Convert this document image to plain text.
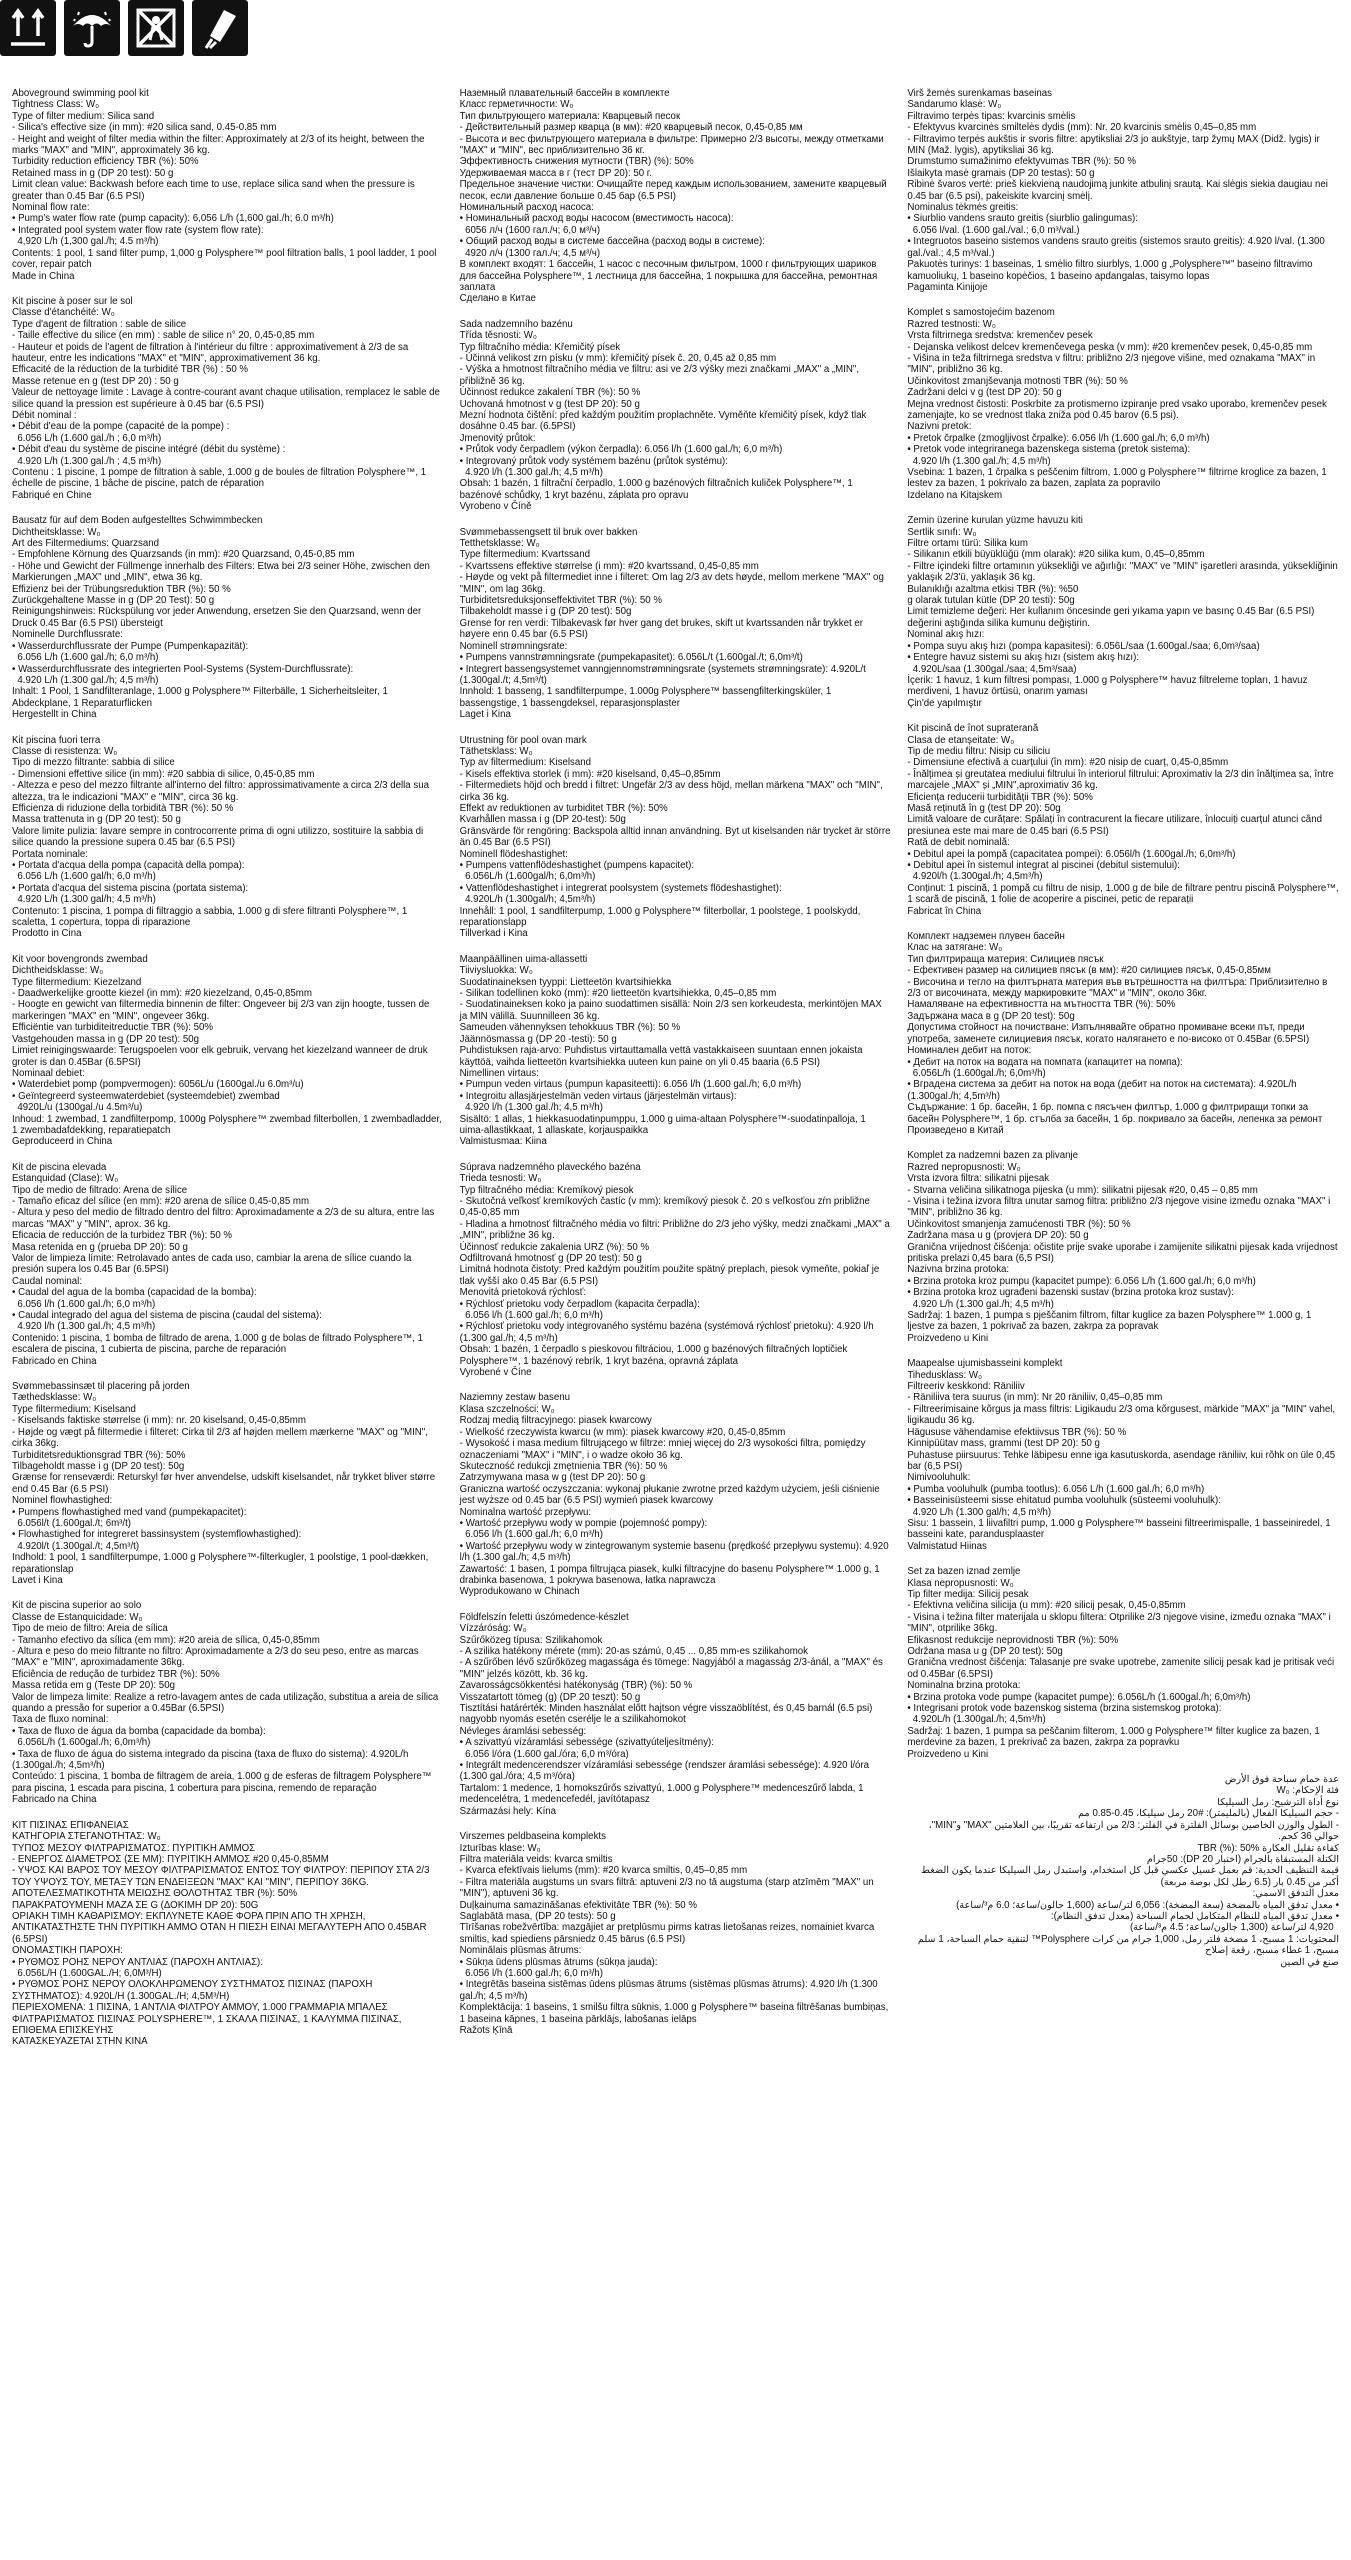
Aboveground swimming pool kit
Tightness Class: W₀
Type of filter medium: Silica sand
- Silica's effective size (in mm): #20 silica sand, 0.45-0.85 mm
- Height and weight of filter media within the filter: Approximately at 2/3 of its height, between the marks "MAX" and "MIN", approximately 36 kg.
Turbidity reduction efficiency TBR (%): 50%
Retained mass in g (DP 20 test): 50 g
Limit clean value: Backwash before each time to use, replace silica sand when the pressure is greater than 0.45 Bar (6.5 PSI)
Nominal flow rate:
• Pump's water flow rate (pump capacity): 6,056 L/h (1,600 gal./h; 6.0 m³/h)
• Integrated pool system water flow rate (system flow rate):
4,920 L/h (1,300 gal./h; 4.5 m³/h)
Contents: 1 pool, 1 sand filter pump, 1,000 g Polysphere™ pool filtration balls, 1 pool ladder, 1 pool cover, repair patch
Made in China
Kit piscine à poser sur le sol
Classe d'étanchéité: W₀
Type d'agent de filtration : sable de silice
- Taille effective du silice (en mm) : sable de silice n° 20, 0,45-0,85 mm
- Hauteur et poids de l'agent de filtration à l'intérieur du filtre : approximativement à 2/3 de sa hauteur, entre les indications "MAX" et "MIN", approximativement 36 kg.
Efficacité de la réduction de la turbidité TBR (%) : 50 %
Masse retenue en g (test DP 20) : 50 g
Valeur de nettoyage limite : Lavage à contre-courant avant chaque utilisation, remplacez le sable de silice quand la pression est supérieure à 0.45 bar (6.5 PSI)
Débit nominal :
• Débit d'eau de la pompe (capacité de la pompe) :
6.056 L/h (1.600 gal./h ; 6,0 m³/h)
• Débit d'eau du système de piscine intégré (débit du système) :
4.920 L/h (1.300 gal./h ; 4,5 m³/h)
Contenu : 1 piscine, 1 pompe de filtration à sable, 1.000 g de boules de filtration Polysphere™, 1 échelle de piscine, 1 bâche de piscine, patch de réparation
Fabriqué en Chine
Bausatz für auf dem Boden aufgestelltes Schwimmbecken
Dichtheitsklasse: W₀
Art des Filtermediums: Quarzsand
- Empfohlene Körnung des Quarzsands (in mm): #20 Quarzsand, 0,45-0,85 mm
- Höhe und Gewicht der Füllmenge innerhalb des Filters: Etwa bei 2/3 seiner Höhe, zwischen den Markierungen „MAX" und „MIN", etwa 36 kg.
Effizienz bei der Trübungsreduktion TBR (%): 50 %
Zurückgehaltene Masse in g (DP 20 Test): 50 g
Reinigungshinweis: Rückspülung vor jeder Anwendung, ersetzen Sie den Quarzsand, wenn der Druck 0.45 Bar (6.5 PSI) übersteigt
Nominelle Durchflussrate:
• Wasserdurchflussrate der Pumpe (Pumpenkapazität):
6.056 L/h (1.600 gal./h; 6,0 m³/h)
• Wasserdurchflussrate des integrierten Pool-Systems (System-Durchflussrate):
4.920 L/h (1.300 gal./h; 4,5 m³/h)
Inhalt: 1 Pool, 1 Sandfilteranlage, 1.000 g Polysphere™ Filterbälle, 1 Sicherheitsleiter, 1 Abdeckplane, 1 Reparaturflicken
Hergestellt in China
Kit piscina fuori terra
Classe di resistenza: W₀
Tipo di mezzo filtrante: sabbia di silice
- Dimensioni effettive silice (in mm): #20 sabbia di silice, 0,45-0,85 mm
- Altezza e peso del mezzo filtrante all'interno del filtro: approssimativamente a circa 2/3 della sua altezza, tra le indicazioni "MAX" e "MIN", circa 36 kg.
Efficienza di riduzione della torbidità TBR (%): 50 %
Massa trattenuta in g (DP 20 test): 50 g
Valore limite pulizia: lavare sempre in controcorrente prima di ogni utilizzo, sostituire la sabbia di silice quando la pressione supera 0.45 bar (6.5 PSI)
Portata nominale:
• Portata d'acqua della pompa (capacità della pompa):
6.056 L/h (1.600 gal/h; 6,0 m³/h)
• Portata d'acqua del sistema piscina (portata sistema):
4.920 L/h (1.300 gal/h; 4,5 m³/h)
Contenuto: 1 piscina, 1 pompa di filtraggio a sabbia, 1.000 g di sfere filtranti Polysphere™, 1 scaletta, 1 copertura, toppa di riparazione
Prodotto in Cina
Kit voor bovengronds zwembad
Dichtheidsklasse: W₀
Type filtermedium: Kiezelzand
- Daadwerkelijke grootte kiezel (in mm): #20 kiezelzand, 0,45-0,85mm
- Hoogte en gewicht van filtermedia binnenin de filter: Ongeveer bij 2/3 van zijn hoogte, tussen de markeringen "MAX" en "MIN", ongeveer 36kg.
Efficiëntie van turbiditeitreductie TBR (%): 50%
Vastgehouden massa in g (DP 20 test): 50g
Limiet reinigingswaarde: Terugspoelen voor elk gebruik, vervang het kiezelzand wanneer de druk groter is dan 0.45Bar (6.5PSI)
Nominaal debiet:
• Waterdebiet pomp (pompvermogen): 6056L/u (1600gal./u 6.0m³/u)
• Geïntegreerd systeemwaterdebiet (systeemdebiet) zwembad
4920L/u (1300gal./u 4.5m³/u)
Inhoud: 1 zwembad, 1 zandfilterpomp, 1000g Polysphere™ zwembad filterbollen, 1 zwembadladder, 1 zwembadafdekking, reparatiepatch
Geproduceerd in China
Kit de piscina elevada
Estanquidad (Clase): W₀
Tipo de medio de filtrado: Arena de sílice
- Tamaño eficaz del sílice (en mm): #20 arena de sílice 0,45-0,85 mm
- Altura y peso del medio de filtrado dentro del filtro: Aproximadamente a 2/3 de su altura, entre las marcas "MAX" y "MIN", aprox. 36 kg.
Eficacia de reducción de la turbidez TBR (%): 50 %
Masa retenida en g (prueba DP 20): 50 g
Valor de limpieza límite: Retrolavado antes de cada uso, cambiar la arena de sílice cuando la presión supera los 0.45 Bar (6.5PSI)
Caudal nominal:
• Caudal del agua de la bomba (capacidad de la bomba):
6.056 l/h (1.600 gal./h; 6,0 m³/h)
• Caudal integrado del agua del sistema de piscina (caudal del sistema):
4.920 l/h (1.300 gal./h; 4,5 m³/h)
Contenido: 1 piscina, 1 bomba de filtrado de arena, 1.000 g de bolas de filtrado Polysphere™, 1 escalera de piscina, 1 cubierta de piscina, parche de reparación
Fabricado en China
Svømmebassinsæt til placering på jorden
Tæthedsklasse: W₀
Type filtermedium: Kiselsand
- Kiselsands faktiske størrelse (i mm): nr. 20 kiselsand, 0,45-0,85mm
- Højde og vægt på filtermedie i filteret: Cirka til 2/3 af højden mellem mærkerne "MAX" og "MIN", cirka 36kg.
Turbiditetsreduktionsgrad TBR (%): 50%
Tilbageholdt masse i g (DP 20 test): 50g
Grænse for renseværdi: Returskyl før hver anvendelse, udskift kiselsandet, når trykket bliver større end 0.45 Bar (6.5 PSI)
Nominel flowhastighed:
• Pumpens flowhastighed med vand (pumpekapacitet):
6.056l/t (1.600gal./t; 6m³/t)
• Flowhastighed for integreret bassinsystem (systemflowhastighed):
4.920l/t (1.300gal./t; 4,5m³/t)
Indhold: 1 pool, 1 sandfilterpumpe, 1.000 g Polysphere™-filterkugler, 1 poolstige, 1 pool-dækken, reparationslap
Lavet i Kina
Kit de piscina superior ao solo
Classe de Estanquicidade: W₀
Tipo de meio de filtro: Areia de sílica
- Tamanho efectivo da sílica (em mm): #20 areia de sílica, 0,45-0,85mm
- Altura e peso do meio filtrante no filtro: Aproximadamente a 2/3 do seu peso, entre as marcas "MAX" e "MIN", aproximadamente 36kg.
Eficiência de redução de turbidez TBR (%): 50%
Massa retida em g (Teste DP 20): 50g
Valor de limpeza limite: Realize a retro-lavagem antes de cada utilização, substitua a areia de sílica quando a pressão for superior a 0.45Bar (6.5PSI)
Taxa de fluxo nominal:
• Taxa de fluxo de água da bomba (capacidade da bomba):
6.056L/h (1.600gal./h; 6,0m³/h)
• Taxa de fluxo de água do sistema integrado da piscina (taxa de fluxo do sistema): 4.920L/h (1.300gal./h; 4,5m³/h)
Conteúdo: 1 piscina, 1 bomba de filtragem de areia, 1.000 g de esferas de filtragem Polysphere™ para piscina, 1 escada para piscina, 1 cobertura para piscina, remendo de reparação
Fabricado na China
ΚΙΤ ΠΙΣΙΝΑΣ ΕΠΙΦΑΝΕΙΑΣ
ΚΑΤΗΓΟΡΙΑ ΣΤΕΓΑΝΟΤΗΤΑΣ: W₀
ΤΥΠΟΣ ΜΕΣΟΥ ΦΙΛΤΡΑΡΙΣΜΑΤΟΣ: ΠΥΡΙΤΙΚΗ ΑΜΜΟΣ
- ΕΝΕΡΓΟΣ ΔΙΑΜΕΤΡΟΣ (ΣΕ MM): ΠΥΡΙΤΙΚΗ ΑΜΜΟΣ #20 0,45-0,85MM
- ΥΨΟΣ ΚΑΙ ΒΑΡΟΣ ΤΟΥ ΜΕΣΟΥ ΦΙΛΤΡΑΡΙΣΜΑΤΟΣ ΕΝΤΟΣ ΤΟΥ ΦΙΛΤΡΟΥ: ΠΕΡΙΠΟΥ ΣΤΑ 2/3 ΤΟΥ ΥΨΟΥΣ ΤΟΥ, ΜΕΤΑΞΥ ΤΩΝ ΕΝΔΕΙΞΕΩΝ "MAX" ΚΑΙ "MIN", ΠΕΡΙΠΟΥ 36KG.
ΑΠΟΤΕΛΕΣΜΑΤΙΚΟΤΗΤΑ ΜΕΙΩΣΗΣ ΘΟΛΟΤΗΤΑΣ TBR (%): 50%
ΠΑΡΑΚΡΑΤΟΥΜΕΝΗ ΜΑΖΑ ΣΕ G (ΔΟΚΙΜΗ DP 20): 50G
ΟΡΙΑΚΗ ΤΙΜΗ ΚΑΘΑΡΙΣΜΟΥ: ΕΚΠΛΥΝΕΤΕ ΚΑΘΕ ΦΟΡΑ ΠΡΙΝ ΑΠΟ ΤΗ ΧΡΗΣΗ, ΑΝΤΙΚΑΤΑΣΤΗΣΤΕ ΤΗΝ ΠΥΡΙΤΙΚΗ ΑΜΜΟ ΟΤΑΝ Η ΠΙΕΣΗ ΕΙΝΑΙ ΜΕΓΑΛΥΤΕΡΗ ΑΠΟ 0.45BAR (6.5PSI)
ΟΝΟΜΑΣΤΙΚΗ ΠΑΡΟΧΗ:
• ΡΥΘΜΟΣ ΡΟΗΣ ΝΕΡΟΥ ΑΝΤΛΙΑΣ (ΠΑΡΟΧΗ ΑΝΤΛΙΑΣ):
6.056L/H (1.600GAL./H; 6,0M³/H)
• ΡΥΘΜΟΣ ΡΟΗΣ ΝΕΡΟΥ ΟΛΟΚΛΗΡΩΜΕΝΟΥ ΣΥΣΤΗΜΑΤΟΣ ΠΙΣΙΝΑΣ (ΠΑΡΟΧΗ ΣΥΣΤΗΜΑΤΟΣ): 4.920L/H (1.300GAL./H; 4,5M³/H)
ΠΕΡΙΕΧΟΜΕΝΑ: 1 ΠΙΣΙΝΑ, 1 ΑΝΤΛΙΑ ΦΙΛΤΡΟΥ ΑΜΜΟΥ, 1.000 ΓΡΑΜΜΑΡΙΑ ΜΠΑΛΕΣ ΦΙΛΤΡΑΡΙΣΜΑΤΟΣ ΠΙΣΙΝΑΣ POLYSPHERE™, 1 ΣΚΑΛΑ ΠΙΣΙΝΑΣ, 1 ΚΑΛΥΜΜΑ ΠΙΣΙΝΑΣ, ΕΠΙΘΕΜΑ ΕΠΙΣΚΕΥΗΣ
ΚΑΤΑΣΚΕΥΑΖΕΤΑΙ ΣΤΗΝ ΚΙΝΑ
Наземный плавательный бассейн в комплекте
Класс герметичности: W₀
Тип фильтрующего материала: Кварцевый песок
- Действительный размер кварца (в мм): #20 кварцевый песок, 0,45-0,85 мм
- Высота и вес фильтрующего материала в фильтре: Примерно 2/3 высоты, между отметками "MAX" и "MIN", вес приблизительно 36 кг.
Эффективность снижения мутности (TBR) (%): 50%
Удерживаемая масса в г (тест DP 20): 50 г.
Предельное значение чистки: Очищайте перед каждым использованием, замените кварцевый песок, если давление больше 0.45 бар (6.5 PSI)
Номинальный расход насоса:
• Номинальный расход воды насосом (вместимость насоса):
6056 л/ч (1600 гал./ч; 6,0 м³/ч)
• Общий расход воды в системе бассейна (расход воды в системе):
4920 л/ч (1300 гал./ч; 4,5 м³/ч)
В комплект входят: 1 бассейн, 1 насос с песочным фильтром, 1000 г фильтрующих шариков для бассейна Polysphere™, 1 лестница для бассейна, 1 покрышка для бассейна, ремонтная заплата
Сделано в Китае
Sada nadzemního bazénu
Třída těsnosti: W₀
Typ filtračního média: Křemičitý písek
- Účinná velikost zrn písku (v mm): křemičitý písek č. 20, 0,45 až 0,85 mm
- Výška a hmotnost filtračního média ve filtru: asi ve 2/3 výšky mezi značkami „MAX" a „MIN", přibližně 36 kg.
Účinnost redukce zakalení TBR (%): 50 %
Uchovaná hmotnost v g (test DP 20): 50 g
Mezní hodnota čištění: před každým použitím proplachněte. Vyměňte křemičitý písek, když tlak dosáhne 0.45 bar. (6.5PSI)
Jmenovitý průtok:
• Průtok vody čerpadlem (výkon čerpadla): 6.056 l/h (1.600 gal./h; 6,0 m³/h)
• Integrovaný průtok vody systémem bazénu (průtok systému):
4.920 l/h (1.300 gal./h; 4,5 m³/h)
Obsah: 1 bazén, 1 filtrační čerpadlo, 1.000 g bazénových filtračních kuliček Polysphere™, 1 bazénové schůdky, 1 kryt bazénu, záplata pro opravu
Vyrobeno v Číně
Svømmebassengsett til bruk over bakken
Tetthetsklasse: W₀
Type filtermedium: Kvartssand
- Kvartssens effektive størrelse (i mm): #20 kvartssand, 0,45-0,85 mm
- Høyde og vekt på filtermediet inne i filteret: Om lag 2/3 av dets høyde, mellom merkene "MAX" og "MIN", om lag 36kg.
Turbiditetsreduksjonseffektivitet TBR (%): 50 %
Tilbakeholdt masse i g (DP 20 test): 50g
Grense for ren verdi: Tilbakevask før hver gang det brukes, skift ut kvartssanden når trykket er høyere enn 0.45 bar (6.5 PSI)
Nominell strømningsrate:
• Pumpens vannstrømningsrate (pumpekapasitet): 6.056L/t (1.600gal./t; 6,0m³/t)
• Integrert bassengsystemet vanngjennomstrømningsrate (systemets strømningsrate): 4.920L/t (1.300gal./t; 4,5m³/t)
Innhold: 1 basseng, 1 sandfilterpumpe, 1.000g Polysphere™ bassengfilterkingsküler, 1 bassengstige, 1 bassengdeksel, reparasjonsplaster
Laget i Kina
Utrustning för pool ovan mark
Täthetsklass: W₀
Typ av filtermedium: Kiselsand
- Kisels effektiva storlek (i mm): #20 kiselsand, 0,45–0,85mm
- Filtermediets höjd och bredd i filtret: Ungefär 2/3 av dess höjd, mellan märkena "MAX" och "MIN", cirka 36 kg.
Effekt av reduktionen av turbiditet TBR (%): 50%
Kvarhållen massa i g (DP 20-test): 50g
Gränsvärde för rengöring: Backspola alltid innan användning. Byt ut kiselsanden när trycket är större än 0.45 Bar (6.5 PSI)
Nominell flödeshastighet:
• Pumpens vattenflödeshastighet (pumpens kapacitet):
6.056L/h (1.600gal/h; 6,0m³/h)
• Vattenflödeshastighet i integrerat poolsystem (systemets flödeshastighet):
4.920L/h (1.300gal/h; 4,5m³/h)
Innehåll: 1 pool, 1 sandfilterpump, 1.000 g Polysphere™ filterbollar, 1 poolstege, 1 poolskydd, reparationslapp
Tillverkad i Kina
Maanpäällinen uima-allassetti
Tiiviysluokka: W₀
Suodatinaineksen tyyppi: Lietteetön kvartsihiekka
- Silikan todellinen koko (mm): #20 lietteetön kvartsihiekka, 0,45–0,85 mm
- Suodatinaineksen koko ja paino suodattimen sisällä: Noin 2/3 sen korkeudesta, merkintöjen MAX ja MIN välillä. Suunnilleen 36 kg.
Sameuden vähennyksen tehokkuus TBR (%): 50 %
Jäännösmassa g (DP 20 -testi): 50 g
Puhdistuksen raja-arvo: Puhdistus virtauttamalla vettä vastakkaiseen suuntaan ennen jokaista käyttöä, vaihda lietteetön kvartsihiekka uuteen kun paine on yli 0.45 baaria (6.5 PSI)
Nimellinen virtaus:
• Pumpun veden virtaus (pumpun kapasiteetti): 6.056 l/h (1.600 gal./h; 6,0 m³/h)
• Integroitu allasjärjestelmän veden virtaus (järjestelmän virtaus):
4.920 l/h (1.300 gal./h; 4,5 m³/h)
Sisältö: 1 allas, 1 hiekkasuodatinpumppu, 1.000 g uima-altaan Polysphere™-suodatinpalloja, 1 uima-allastikkaat, 1 allaskate, korjauspaikka
Valmistusmaa: Kiina
Súprava nadzemného plaveckého bazéna
Trieda tesnosti: W₀
Typ filtračného média: Kremíkový piesok
- Skutočná veľkosť kremíkových častíc (v mm): kremíkový piesok č. 20 s veľkosťou zŕn približne 0,45-0,85 mm
- Hladina a hmotnosť filtračného média vo filtri: Približne do 2/3 jeho výšky, medzi značkami „MAX" a „MIN", približne 36 kg.
Účinnosť redukcie zakalenia URZ (%): 50 %
Odfiltrovaná hmotnosť g (DP 20 test): 50 g
Limitná hodnota čistoty: Pred každým použitím použite spätný preplach, piesok vymeňte, pokiaľ je tlak vyšší ako 0.45 Bar (6.5 PSI)
Menovitá prietoková rýchlosť:
• Rýchlosť prietoku vody čerpadlom (kapacita čerpadla):
6.056 l/h (1.600 gal./h; 6,0 m³/h)
• Rýchlosť prietoku vody integrovaného systému bazéna (systémová rýchlosť prietoku): 4.920 l/h (1.300 gal./h; 4,5 m³/h)
Obsah: 1 bazén, 1 čerpadlo s pieskovou filtráciou, 1.000 g bazénových filtračných loptičiek Polysphere™, 1 bazénový rebrík, 1 kryt bazéna, opravná záplata
Vyrobené v Číne
Naziemny zestaw basenu
Klasa szczelności: W₀
Rodzaj medią filtracyjnego: piasek kwarcowy
- Wielkość rzeczywista kwarcu (w mm): piasek kwarcowy #20, 0,45-0,85mm
- Wysokość i masa medium filtrującego w filtrze: mniej więcej do 2/3 wysokości filtra, pomiędzy oznaczeniami "MAX" i "MIN", i o wadze około 36 kg.
Skuteczność redukcji zmętnienia TBR (%): 50 %
Zatrzymywana masa w g (test DP 20): 50 g
Graniczna wartość oczyszczania: wykonaj płukanie zwrotne przed każdym użyciem, jeśli ciśnienie jest wyższe od 0.45 bar (6.5 PSI) wymień piasek kwarcowy
Nominalna wartość przepływu:
• Wartość przepływu wody w pompie (pojemność pompy):
6.056 l/h (1.600 gal./h; 6,0 m³/h)
• Wartość przepływu wody w zintegrowanym systemie basenu (prędkość przepływu systemu): 4.920 l/h (1.300 gal./h; 4,5 m³/h)
Zawartość: 1 basen, 1 pompa filtrująca piasek, kulki filtracyjne do basenu Polysphere™ 1.000 g, 1 drabinka basenowa, 1 pokrywa basenowa, łatka naprawcza
Wyprodukowano w Chinach
Földfelszín feletti úszómedence-készlet
Vízzáróság: W₀
Szűrőközeg típusa: Szilikahomok
- A szilika hatékony mérete (mm): 20-as számú, 0,45 ... 0,85 mm-es szilikahomok
- A szűrőben lévő szűrőközeg magassága és tömege: Nagyjából a magasság 2/3-ánál, a "MAX" és "MIN" jelzés között, kb. 36 kg.
Zavarosságcsökkentési hatékonyság (TBR) (%): 50 %
Visszatartott tömeg (g) (DP 20 teszt): 50 g
Tisztítási határérték: Minden használat előtt hajtson végre visszaöblítést, és 0,45 barnál (6.5 psi) nagyobb nyomás esetén cserélje le a szilikahomokot
Névleges áramlási sebesség:
• A szivattyú vízáramlási sebessége (szivattyúteljesítmény):
6.056 l/óra (1.600 gal./óra; 6,0 m³/óra)
• Integrált medencerendszer vízáramlási sebessége (rendszer áramlási sebessége): 4.920 l/óra (1.300 gal./óra; 4,5 m³/óra)
Tartalom: 1 medence, 1 homokszűrős szivattyú, 1.000 g Polysphere™ medenceszűrő labda, 1 medencelétra, 1 medencefedél, javítótapasz
Származási hely: Kína
Virszemes peldbaseina komplekts
Izturības klase: W₀
Filtra materiāla veids: kvarca smiltis
- Kvarca efektīvais lielums (mm): #20 kvarca smiltis, 0,45–0,85 mm
- Filtra materiāla augstums un svars filtrā: aptuveni 2/3 no tā augstuma (starp atzīmēm "MAX" un "MIN"), aptuveni 36 kg.
Duļķainuma samazināšanas efektivitāte TBR (%): 50 %
Saglabātā masa, (DP 20 tests): 50 g
Tīrīšanas robežvērtība: mazgājiet ar pretplūsmu pirms katras lietošanas reizes, nomainiet kvarca smiltis, kad spiediens pārsniedz 0.45 bārus (6.5 PSI)
Nominālais plūsmas ātrums:
• Sūkņa ūdens plūsmas ātrums (sūkņa jauda):
6.056 l/h (1.600 gal./h; 6,0 m³/h)
• Integrētās baseina sistēmas ūdens plūsmas ātrums (sistēmas plūsmas ātrums): 4.920 l/h (1.300 gal./h; 4,5 m³/h)
Komplektācija: 1 baseins, 1 smilšu filtra sūknis, 1.000 g Polysphere™ baseina filtrēšanas bumbiņas, 1 baseina kāpnes, 1 baseina pārklājs, labošanas ielāps
Ražots Ķīnā
Virš žemės surenkamas baseinas
Sandarumo klasė: W₀
Filtravimo terpės tipas: kvarcinis smėlis
- Efektyvus kvarcinės smiltelės dydis (mm): Nr. 20 kvarcinis smėlis 0,45–0,85 mm
- Filtravimo terpės aukštis ir svoris filtre: apytiksliai 2/3 jo aukštyje, tarp žymų MAX (Didž. lygis) ir MIN (Maž. lygis), apytiksliai 36 kg.
Drumstumo sumažinimo efektyvumas TBR (%): 50 %
Išlaikyta masė gramais (DP 20 testas): 50 g
Ribinė švaros vertė: prieš kiekvieną naudojimą junkite atbulinį srautą. Kai slėgis siekia daugiau nei 0.45 bar (6.5 psi), pakeiskite kvarcinį smėlį.
Nominalus tėkmės greitis:
• Siurblio vandens srauto greitis (siurblio galingumas):
6.056 l/val. (1.600 gal./val.; 6,0 m³/val.)
• Integruotos baseino sistemos vandens srauto greitis (sistemos srauto greitis): 4.920 l/val. (1.300 gal./val.; 4,5 m³/val.)
Pakuotės turinys: 1 baseinas, 1 smėlio filtro siurblys, 1.000 g „Polysphere™" baseino filtravimo kamuoliukų, 1 baseino kopėčios, 1 baseino apdangalas, taisymo lopas
Pagaminta Kinijoje
Komplet s samostojećim bazenom
Razred testnosti: W₀
Vrsta filtrirnega sredstva: kremenčev pesek
- Dejanska velikost delcev kremenčevega peska (v mm): #20 kremenčev pesek, 0,45-0,85 mm
- Višina in teža filtrirnega sredstva v filtru: približno 2/3 njegove višine, med oznakama "MAX" in "MIN", približno 36 kg.
Učinkovitost zmanjševanja motnosti TBR (%): 50 %
Zadržani delci v g (test DP 20): 50 g
Mejna vrednost čistosti: Poskrbite za protismerno izpiranje pred vsako uporabo, kremenčev pesek zamenjajte, ko se vrednost tlaka zniža pod 0.45 barov (6.5 psi).
Nazivni pretok:
• Pretok črpalke (zmogljivost črpalke): 6.056 l/h (1.600 gal./h; 6,0 m³/h)
• Pretok vode integriranega bazenskega sistema (pretok sistema):
4.920 l/h (1.300 gal./h; 4,5 m³/h)
Vsebina: 1 bazen, 1 črpalka s peščenim filtrom, 1.000 g Polysphere™ filtrirne kroglice za bazen, 1 lestev za bazen, 1 pokrivalo za bazen, zaplata za popravilo
Izdelano na Kitajskem
Zemin üzerine kurulan yüzme havuzu kiti
Sertlik sınıfı: W₀
Filtre ortamı türü: Silika kum
- Silikanın etkili büyüklüğü (mm olarak): #20 silika kum, 0,45–0,85mm
- Filtre içindeki filtre ortamının yüksekliği ve ağırlığı: "MAX" ve "MIN" işaretleri arasında, yüksekliğinin yaklaşık 2/3'ü, yaklaşık 36 kg.
Bulanıklığı azaltma etkisi TBR (%): %50
g olarak tutulan kütle (DP 20 testi): 50g
Limit temizleme değeri: Her kullanım öncesinde geri yıkama yapın ve basınç 0.45 Bar (6.5 PSI) değerini aştığında silika kumunu değiştirin.
Nominal akış hızı:
• Pompa suyu akış hızı (pompa kapasitesi): 6.056L/saa (1.600gal./saa; 6,0m³/saa)
• Entegre havuz sistemi su akış hızı (sistem akış hızı):
4.920L/saa (1.300gal./saa; 4,5m³/saa)
İçerik: 1 havuz, 1 kum filtresi pompası, 1.000 g Polysphere™ havuz filtreleme topları, 1 havuz merdiveni, 1 havuz örtüsü, onarım yaması
Çin'de yapılmıştır
Kit piscină de înot supraterană
Clasa de etanșeitate: W₀
Tip de mediu filtru: Nisip cu silicіu
- Dimensiune efectivă a cuarțului (în mm): #20 nisip de cuarț, 0,45-0,85mm
- Înălțimea și greutatea mediului filtrului în interiorul filtrului: Aproximativ la 2/3 din înălțimea sa, între marcajele „MAX" și „MIN",aproximativ 36 kg.
Eficiența reducerii turbidității TBR (%): 50%
Masă reținută în g (test DP 20): 50g
Limită valoare de curățare: Spălați în contracurent la fiecare utilizare, înlocuiți cuarțul atunci când presiunea este mai mare de 0.45 bari (6.5 PSI)
Rată de debit nominală:
• Debitul apei la pompă (capacitatea pompei): 6.056l/h (1.600gal./h; 6,0m³/h)
• Debitul apei în sistemul integrat al piscinei (debitul sistemului):
4.920l/h (1.300gal./h; 4,5m³/h)
Conținut: 1 piscină, 1 pompă cu filtru de nisip, 1.000 g de bile de filtrare pentru piscină Polysphere™, 1 scară de piscină, 1 folie de acoperire a piscinei, petic de reparații
Fabricat în China
Комплект надземен плувен басейн
Клас на затягане: W₀
Тип филтрираща материя: Силициев пясък
- Ефективен размер на силициев пясък (в мм): #20 силициев пясък, 0,45-0,85мм
- Височина и тегло на филтърната материя във вътрешността на филтъра: Приблизително в 2/3 от височината, между маркировките "MAX" и "MIN", около 36кг.
Намаляване на ефективността на мътността TBR (%): 50%
Задържана маса в g (DP 20 test): 50g
Допустима стойност на почистване: Изпълнявайте обратно промиване всеки път, преди употреба, заменете силициевия пясък, когато налягането е по-високо от 0.45Bar (6.5PSI)
Номинален дебит на поток:
• Дебит на поток на водата на помпата (капацитет на помпа):
6.056L/h (1.600gal./h; 6,0m³/h)
• Вградена система за дебит на поток на вода (дебит на поток на системата): 4.920L/h (1.300gal./h; 4,5m³/h)
Съдържание: 1 бр. басейн, 1 бр. помпа с пясъчен филтър, 1.000 g филтриращи топки за басейн Polysphere™, 1 бр. стълба за басейн, 1 бр. покривало за басейн, лепенка за ремонт
Произведено в Китай
Komplet za nadzemni bazen za plivanje
Razred nepropusnosti: W₀
Vrsta izvora filtra: silikatni pijesak
- Stvarna veličina silikatnoga pijeska (u mm): silikatni pijesak #20, 0,45 – 0,85 mm
- Visina i težina izvora filtra unutar samog filtra: približno 2/3 njegove visine između oznaka "MAX" i "MIN", približno 36 kg.
Učinkovitost smanjenja zamućenosti TBR (%): 50 %
Zadržana masa u g (provjera DP 20): 50 g
Granična vrijednost čišćenja: očistite prije svake uporabe i zamijenite silikatni pijesak kada vrijednost pritiska prelazi 0,45 bara (6,5 PSI)
Nazivna brzina protoka:
• Brzina protoka krоz pumpu (kapacitet pumpe): 6.056 L/h (1.600 gal./h; 6,0 m³/h)
• Brzina protoka kroz ugrađeni bazenski sustav (brzina protoka kroz sustav):
4.920 L/h (1.300 gal./h; 4,5 m³/h)
Sadržaj: 1 bazen, 1 pumpa s pješčanim filtrom, filtar kuglice za bazen Polysphere™ 1.000 g, 1 ljestve za bazen, 1 pokrivač za bazen, zakrpa za popravak
Proizvedeno u Kini
Maapealse ujumisbasseini komplekt
Tihedusklass: W₀
Filtreeriv keskkond: Räniliiv
- Räniliiva tera suurus (in mm): Nr 20 räniliiv, 0,45–0,85 mm
- Filtreerimisaine kõrgus ja mass filtris: Ligikaudu 2/3 oma kõrgusest, märkide "MAX" ja "MIN" vahel, ligikaudu 36 kg.
Hägususe vähendamise efektiivsus TBR (%): 50 %
Kinnipüütav mass, grammi (test DP 20): 50 g
Puhastuse piirsuurus: Tehke läbipesu enne iga kasutuskorda, asendage räniliiv, kui rõhk on üle 0,45 bar (6,5 PSI)
Nimivooluhulk:
• Pumba vooluhulk (pumba tootlus): 6.056 L/h (1.600 gal./h; 6,0 m³/h)
• Basseinisüsteemi sisse ehitatud pumba vooluhulk (süsteemi vooluhulk):
4.920 L/h (1.300 gal/h; 4,5 m³/h)
Sisu: 1 bassein, 1 liivafiltri pump, 1.000 g Polysphere™ basseini filtreerimispalle, 1 basseiniredel, 1 basseini kate, parandusplaaster
Valmistatud Hiinas
Set za bazen iznad zemlje
Klasa nepropusnosti: W₀
Tip filter medija: Silicij pesak
- Efektivna veličina silicija (u mm): #20 silicij pesak, 0,45-0,85mm
- Visina i težina filter materijala u sklopu filtera: Otprilike 2/3 njegove visine, između oznaka "MAX" i "MIN", otprilike 36kg.
Efikasnost redukcije neprovidnosti TBR (%): 50%
Održana masa u g (DP 20 test): 50g
Granična vrednost čišćenja: Talasanje pre svake upotrebe, zamenite silicij pesak kad je pritisak veći od 0.45Bar (6.5PSI)
Nominalna brzina protoka:
• Brzina protoka vode pumpe (kapacitet pumpe): 6.056L/h (1.600gal./h; 6,0m³/h)
• Integrisani protok vode bazenskog sistema (brzina sistemskog protoka):
4.920L/h (1.300gal./h; 4,5m³/h)
Sadržaj: 1 bazen, 1 pumpa sa peščanim filterom, 1.000 g Polysphere™ filter kuglice za bazen, 1 merdevine za bazen, 1 prekrivač za bazen, zakrpa za popravku
Proizvedeno u Kini
عدة حمام سباحة فوق الأرض
فئة الإحكام: W₀
نوع أداة الترشيح: رمل السيليكا
- حجم السيليكا الفعال (بالمليمتر): #20 رمل سيليكا، 0.45-0.85 مم
- الطول والوزن الخاصين بوسائل الفلترة في الفلتر: 2/3 من ارتفاعه تقريبًا، بين العلامتين "MAX" و"MIN"، حوالي 36 كجم.
كفاءة تقليل العكارة TBR (%): 50%
الكتلة المستبقاة بالجرام (اختبار DP 20): 50جرام
قيمة التنظيف الحدية: قم بعمل غسيل عكسي قبل كل استخدام، واستبدل رمل السيليكا عندما يكون الضغط أكبر من 0.45 بار (6.5 رطل لكل بوصة مربعة)
معدل التدفق الاسمي:
• معدل تدفق المياه بالمضخة (سعة المضخة): 6,056 لتر/ساعة (1,600 جالون/ساعة؛ 6.0 م³/ساعة)
• معدل تدفق المياه للنظام المتكامل لحمام السباحة (معدل تدفق النظام):
4,920 لتر/ساعة (1,300 جالون/ساعة؛ 4.5 م³/ساعة)
المحتويات: 1 مسبح، 1 مضخة فلتر رمل، 1,000 جرام من كرات Polysphere™ لتنقية حمام السباحة، 1 سلم مسبح، 1 غطاء مسبح، رقعة إصلاح
صنع في الصين
